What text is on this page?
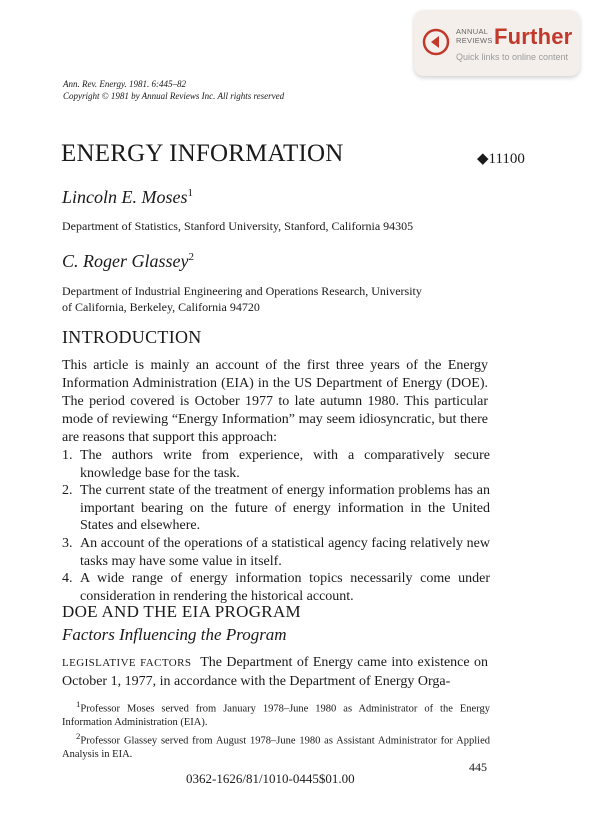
ANNUAL
REVIEWS Further
Quick links to online content
Ann. Rev. Energy. 1981. 6:445–82
Copyright © 1981 by Annual Reviews Inc. All rights reserved
ENERGY INFORMATION	◆11100
Lincoln E. Moses$^1$
Department of Statistics, Stanford University, Stanford, California 94305
C. Roger Glassey$^2$
Department of Industrial Engineering and Operations Research, University
of California, Berkeley, California 94720
INTRODUCTION
This article is mainly an account of the first three years of the Energy Information Administration (EIA) in the US Department of Energy (DOE). The period covered is October 1977 to late autumn 1980. This particular mode of reviewing “Energy Information” may seem idiosyncratic, but there are reasons that support this approach:
1. The authors write from experience, with a comparatively secure knowledge base for the task.
2. The current state of the treatment of energy information problems has an important bearing on the future of energy information in the United States and elsewhere.
3. An account of the operations of a statistical agency facing relatively new tasks may have some value in itself.
4. A wide range of energy information topics necessarily come under consideration in rendering the historical account.
DOE AND THE EIA PROGRAM
Factors Influencing the Program
LEGISLATIVE FACTORS The Department of Energy came into existence on October 1, 1977, in accordance with the Department of Energy Orga-

$^1$Professor Moses served from January 1978–June 1980 as Administrator of the Energy Information Administration (EIA).

$^2$Professor Glassey served from August 1978–June 1980 as Assistant Administrator for Applied Analysis in EIA.

445
0362-1626/81/1010-0445$01.00
